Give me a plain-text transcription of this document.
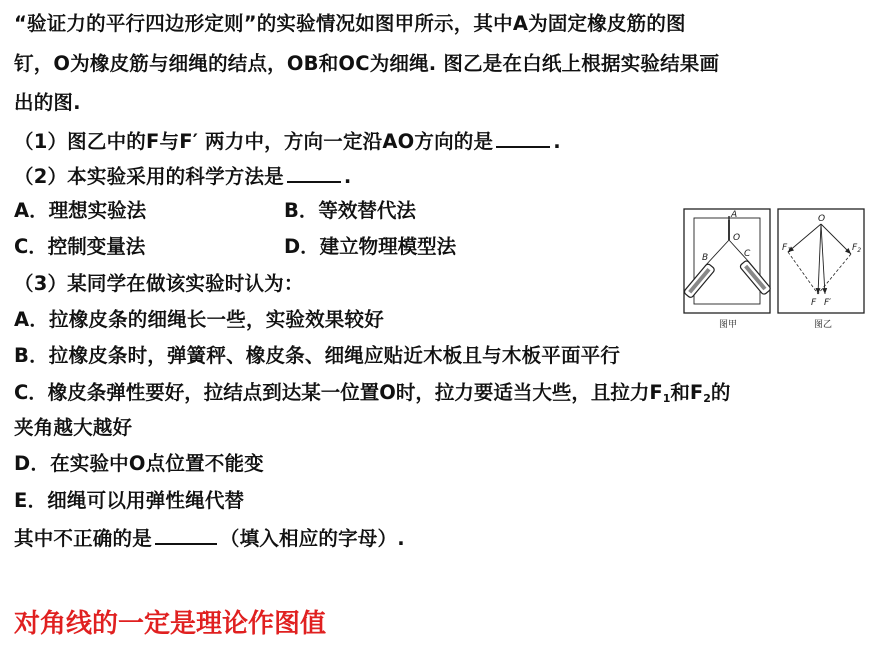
“验证力的平行四边形定则”的实验情况如图甲所示，其中A为固定橡皮筋的图
钉，O为橡皮筋与细绳的结点，OB和OC为细绳. 图乙是在白纸上根据实验结果画
出的图.
（1）图乙中的F与F′ 两力中，方向一定沿AO方向的是	.
（2）本实验采用的科学方法是	.
A．理想实验法	B．等效替代法
C．控制变量法	D．建立物理模型法
（3）某同学在做该实验时认为：
A．拉橡皮条的细绳长一些，实验效果较好
B．拉橡皮条时，弹簧秤、橡皮条、细绳应贴近木板且与木板平面平行
C．橡皮条弹性要好，拉结点到达某一位置O时，拉力要适当大些，且拉力$F_1$和$F_2$的
夹角越大越好
D．在实验中O点位置不能变
E．细绳可以用弹性绳代替
其中不正确的是	（填入相应的字母）.
对角线的一定是理论作图值
A
O
B	C
图甲
O
$F_1$	$F_2$
F F′
图乙
